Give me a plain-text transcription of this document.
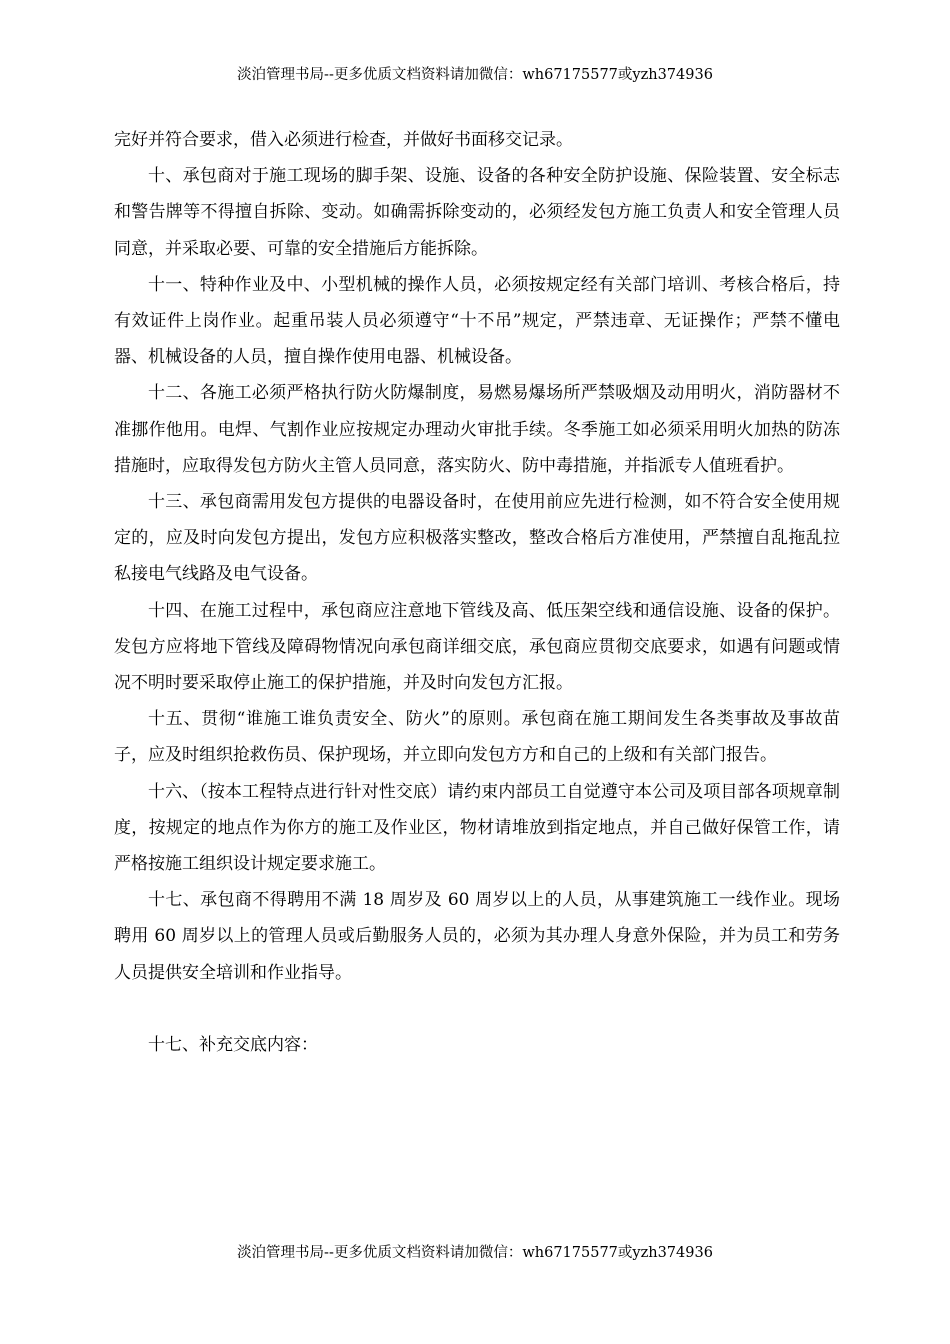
淡泊管理书局--更多优质文档资料请加微信：wh67175577或yzh374936

完好并符合要求，借入必须进行检查，并做好书面移交记录。

十、承包商对于施工现场的脚手架、设施、设备的各种安全防护设施、保险装置、安全标志和警告牌等不得擅自拆除、变动。如确需拆除变动的，必须经发包方施工负责人和安全管理人员同意，并采取必要、可靠的安全措施后方能拆除。

十一、特种作业及中、小型机械的操作人员，必须按规定经有关部门培训、考核合格后，持有效证件上岗作业。起重吊装人员必须遵守“十不吊”规定，严禁违章、无证操作；严禁不懂电器、机械设备的人员，擅自操作使用电器、机械设备。

十二、各施工必须严格执行防火防爆制度，易燃易爆场所严禁吸烟及动用明火，消防器材不准挪作他用。电焊、气割作业应按规定办理动火审批手续。冬季施工如必须采用明火加热的防冻措施时，应取得发包方防火主管人员同意，落实防火、防中毒措施，并指派专人值班看护。

十三、承包商需用发包方提供的电器设备时，在使用前应先进行检测，如不符合安全使用规定的，应及时向发包方提出，发包方应积极落实整改，整改合格后方准使用，严禁擅自乱拖乱拉私接电气线路及电气设备。

十四、在施工过程中，承包商应注意地下管线及高、低压架空线和通信设施、设备的保护。发包方应将地下管线及障碍物情况向承包商详细交底，承包商应贯彻交底要求，如遇有问题或情况不明时要采取停止施工的保护措施，并及时向发包方汇报。

十五、贯彻“谁施工谁负责安全、防火”的原则。承包商在施工期间发生各类事故及事故苗子，应及时组织抢救伤员、保护现场，并立即向发包方方和自己的上级和有关部门报告。

十六、（按本工程特点进行针对性交底）请约束内部员工自觉遵守本公司及项目部各项规章制度，按规定的地点作为你方的施工及作业区，物材请堆放到指定地点，并自己做好保管工作，请严格按施工组织设计规定要求施工。

十七、承包商不得聘用不满 18 周岁及 60 周岁以上的人员，从事建筑施工一线作业。现场聘用 60 周岁以上的管理人员或后勤服务人员的，必须为其办理人身意外保险，并为员工和劳务人员提供安全培训和作业指导。

十七、补充交底内容：

淡泊管理书局--更多优质文档资料请加微信：wh67175577或yzh374936
